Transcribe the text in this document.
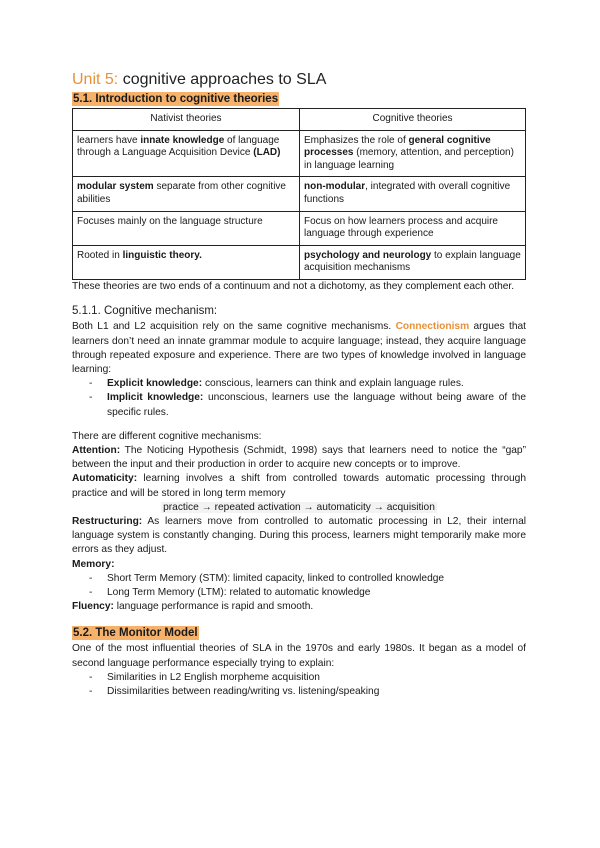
Unit 5: cognitive approaches to SLA
5.1. Introduction to cognitive theories
Nativist theories	Cognitive theories
learners have innate knowledge of language through a Language Acquisition Device (LAD)	Emphasizes the role of general cognitive processes (memory, attention, and perception) in language learning
modular system separate from other cognitive abilities	non-modular, integrated with overall cognitive functions
Focuses mainly on the language structure	Focus on how learners process and acquire language through experience
Rooted in linguistic theory.	psychology and neurology to explain language acquisition mechanisms

These theories are two ends of a continuum and not a dichotomy, as they complement each other.

5.1.1. Cognitive mechanism:

Both L1 and L2 acquisition rely on the same cognitive mechanisms. Connectionism argues that learners don’t need an innate grammar module to acquire language; instead, they acquire language through repeated exposure and experience. There are two types of knowledge involved in language learning:

- Explicit knowledge: conscious, learners can think and explain language rules.
- Implicit knowledge: unconscious, learners use the language without being aware of the specific rules.

There are different cognitive mechanisms:

Attention: The Noticing Hypothesis (Schmidt, 1998) says that learners need to notice the “gap” between the input and their production in order to acquire new concepts or to improve.

Automaticity: learning involves a shift from controlled towards automatic processing through practice and will be stored in long term memory

practice → repeated activation → automaticity → acquisition

Restructuring: As learners move from controlled to automatic processing in L2, their internal language system is constantly changing. During this process, learners might temporarily make more errors as they adjust.

Memory:

- Short Term Memory (STM): limited capacity, linked to controlled knowledge
- Long Term Memory (LTM): related to automatic knowledge

Fluency: language performance is rapid and smooth.

5.2. The Monitor Model

One of the most influential theories of SLA in the 1970s and early 1980s. It began as a model of second language performance especially trying to explain:

- Similarities in L2 English morpheme acquisition
- Dissimilarities between reading/writing vs. listening/speaking
